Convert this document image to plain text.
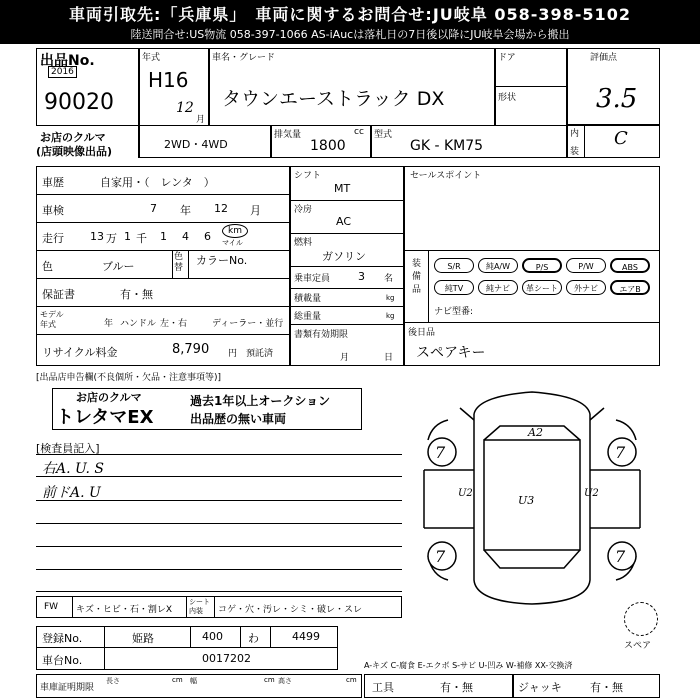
車両引取先:「兵庫県」　車両に関するお問合せ:JU岐阜 058-398-5102
陸送問合せ:US物流 058-397-1066 AS-iAucは落札日の7日後以降にJU岐阜会場から搬出
出品No.
2016
90020
お店のクルマ
(店頭映像出品)
年式
H16
12
月
車名・グレード
タウンエーストラック DX
ドア
形状
評価点
3.5
内
装
C
2WD・4WD
排気量	cc
1800
型式
GK - KM75
車歴	自家用・（　レンタ　）
車検	7 年 12 月
走行 13 万 1 千 1 4 6	km
マイル
色	ブルー
色替
カラーNo.
保証書	有・無
モデル年式	年 ハンドル 左・右	ディーラー・並行
リサイクル料金	8,790 円 預託済
シフト
MT
冷房
AC
燃料
ガソリン
乗車定員	3 名
積載量	kg
総重量	kg
書類有効期限
月	日
セールスポイント
装備品
S/R	純A/W	P/S	P/W	ABS
純TV	純ナビ	革シート	外ナビ	エアB
ナビ型番:
後日品
スペアキー
[出品店申告欄(不良個所・欠品・注意事項等)]
お店のクルマ
トレタマEX
過去1年以上オークション
出品歴の無い車両
[検査員記入]
右A. U. S
前ドA. U
7	7
7	7
A2
U2
U3
U2
スペア
FW キズ・ヒビ・石・割レX
シート内装	コゲ・穴・汚レ・シミ・破レ・スレ
登録No.	姫路	400 わ	4499
車台No.	0017202
A-キズ C-腐食 E-エクボ S-サビ U-凹み W-補修 XX-交換済
車庫証明期限
長さ	cm 幅	cm 高さ	cm
工具	有・無	ジャッキ	有・無
